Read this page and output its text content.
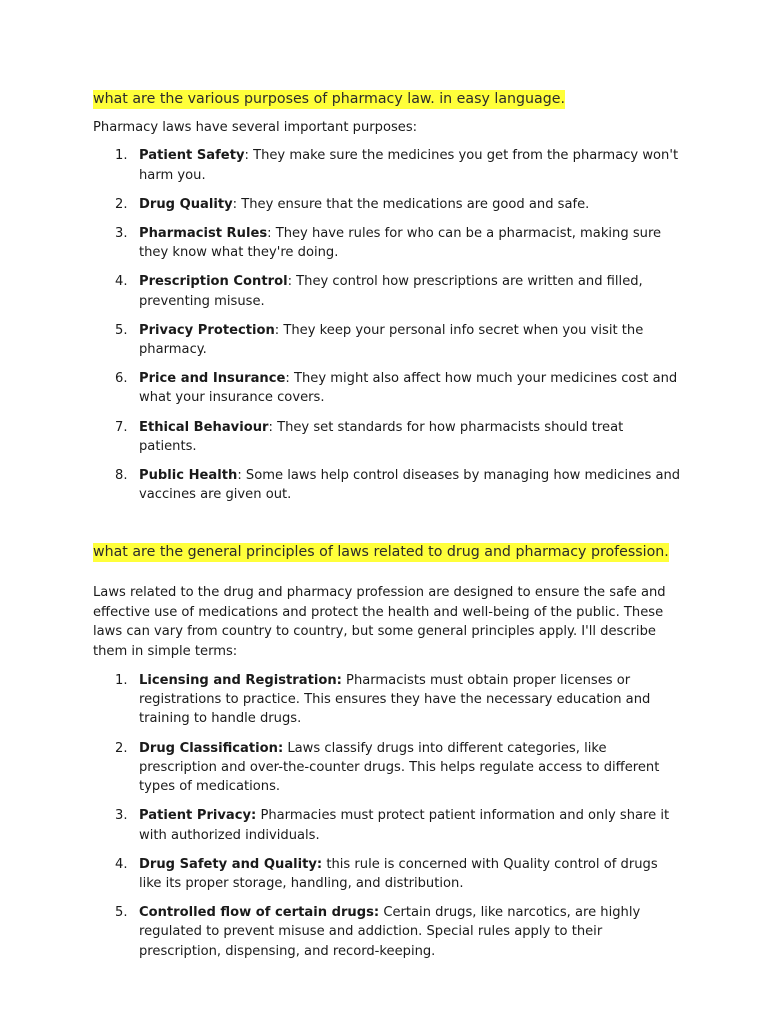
what are the various purposes of pharmacy law. in easy language.

Pharmacy laws have several important purposes:

1. Patient Safety: They make sure the medicines you get from the pharmacy won't harm you.
2. Drug Quality: They ensure that the medications are good and safe.
3. Pharmacist Rules: They have rules for who can be a pharmacist, making sure they know what they're doing.
4. Prescription Control: They control how prescriptions are written and filled, preventing misuse.
5. Privacy Protection: They keep your personal info secret when you visit the pharmacy.
6. Price and Insurance: They might also affect how much your medicines cost and what your insurance covers.
7. Ethical Behaviour: They set standards for how pharmacists should treat patients.
8. Public Health: Some laws help control diseases by managing how medicines and vaccines are given out.
what are the general principles of laws related to drug and pharmacy profession.

Laws related to the drug and pharmacy profession are designed to ensure the safe and effective use of medications and protect the health and well-being of the public. These laws can vary from country to country, but some general principles apply. I'll describe them in simple terms:

1. Licensing and Registration: Pharmacists must obtain proper licenses or registrations to practice. This ensures they have the necessary education and training to handle drugs.
2. Drug Classification: Laws classify drugs into different categories, like prescription and over-the-counter drugs. This helps regulate access to different types of medications.
3. Patient Privacy: Pharmacies must protect patient information and only share it with authorized individuals.
4. Drug Safety and Quality: this rule is concerned with Quality control of drugs like its proper storage, handling, and distribution.
5. Controlled flow of certain drugs: Certain drugs, like narcotics, are highly regulated to prevent misuse and addiction. Special rules apply to their prescription, dispensing, and record-keeping.
